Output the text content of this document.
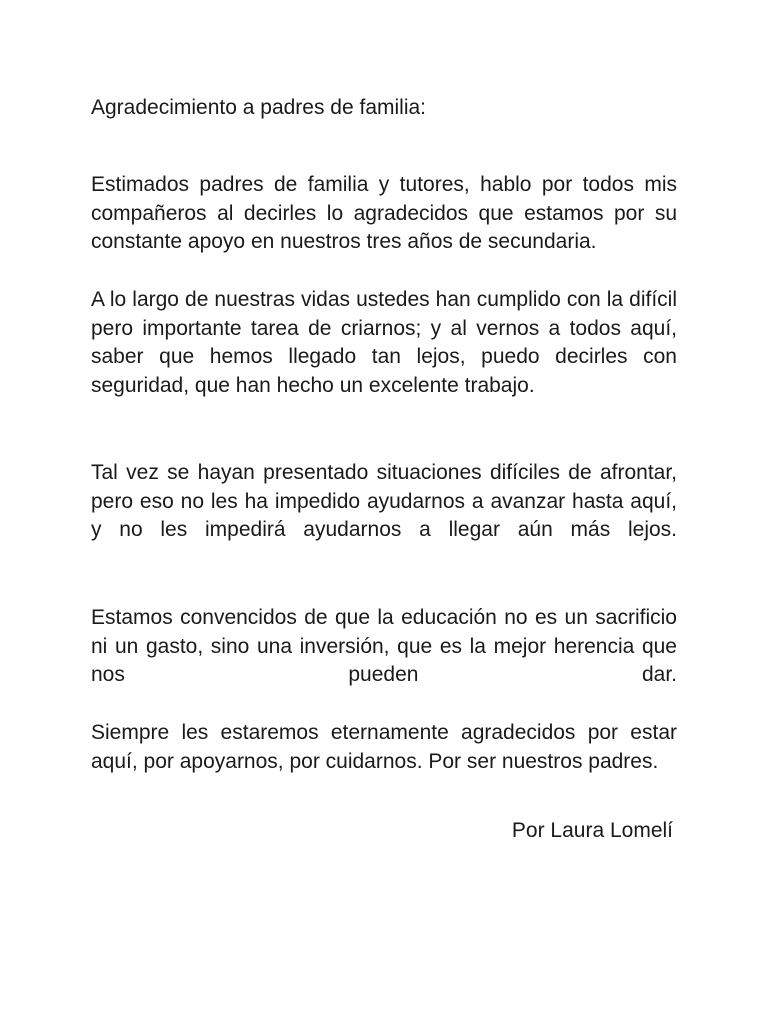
Agradecimiento a padres de familia:

Estimados padres de familia y tutores, hablo por todos mis compañeros al decirles lo agradecidos que estamos por su constante apoyo en nuestros tres años de secundaria.

A lo largo de nuestras vidas ustedes han cumplido con la difícil pero importante tarea de criarnos; y al vernos a todos aquí, saber que hemos llegado tan lejos, puedo decirles con seguridad, que han hecho un excelente trabajo.

Tal vez se hayan presentado situaciones difíciles de afrontar, pero eso no les ha impedido ayudarnos a avanzar hasta aquí, y no les impedirá ayudarnos a llegar aún más lejos.

Estamos convencidos de que la educación no es un sacrificio ni un gasto, sino una inversión, que es la mejor herencia que nos pueden dar.

Siempre les estaremos eternamente agradecidos por estar aquí, por apoyarnos, por cuidarnos. Por ser nuestros padres.

Por Laura Lomelí
